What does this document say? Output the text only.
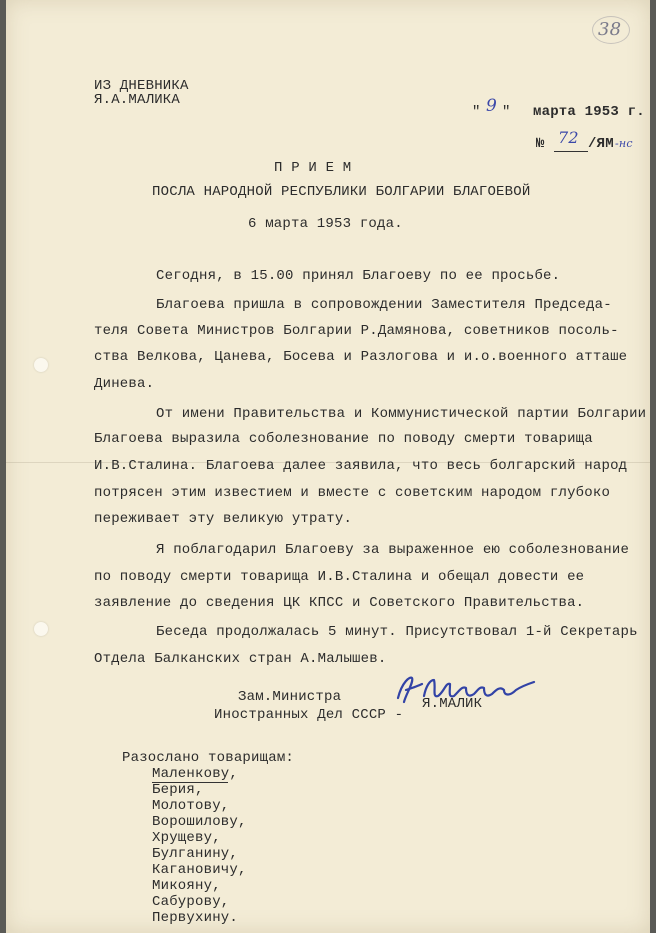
38
ИЗ ДНЕВНИКА
Я.А.МАЛИКА
" 9 " марта 1953 г.
№ 72 /ЯМ -нс
П Р И Е М
ПОСЛА НАРОДНОЙ РЕСПУБЛИКИ БОЛГАРИИ БЛАГОЕВОЙ
6 марта 1953 года.
Сегодня, в 15.00 принял Благоеву по ее просьбе.
Благоева пришла в сопровождении Заместителя Председа-
теля Совета Министров Болгарии Р.Дамянова, советников посоль-
ства Велкова, Цанева, Босева и Разлогова и и.о.военного атташе
Динева.
От имени Правительства и Коммунистической партии Болгарии
Благоева выразила соболезнование по поводу смерти товарища
И.В.Сталина. Благоева далее заявила, что весь болгарский народ
потрясен этим известием и вместе с советским народом глубоко
переживает эту великую утрату.
Я поблагодарил Благоеву за выраженное ею соболезнование
по поводу смерти товарища И.В.Сталина и обещал довести ее
заявление до сведения ЦК КПСС и Советского Правительства.
Беседа продолжалась 5 минут. Присутствовал 1-й Секретарь
Отдела Балканских стран А.Малышев.
Зам.Министра
Иностранных Дел СССР -
Я.МАЛИК
Разослано товарищам:
Маленкову,
Берия,
Молотову,
Ворошилову,
Хрущеву,
Булганину,
Кагановичу,
Микояну,
Сабурову,
Первухину.
